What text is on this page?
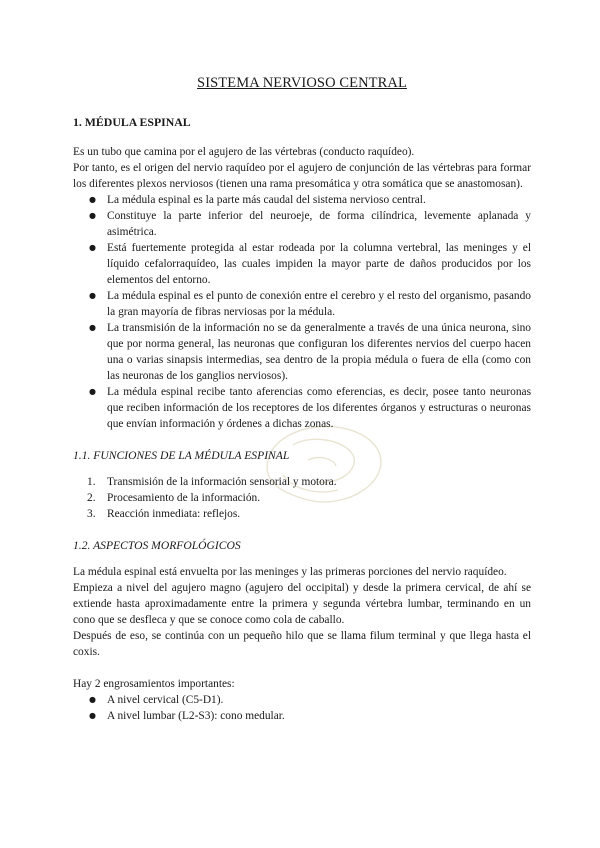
SISTEMA NERVIOSO CENTRAL
1. MÉDULA ESPINAL

Es un tubo que camina por el agujero de las vértebras (conducto raquídeo).

Por tanto, es el origen del nervio raquídeo por el agujero de conjunción de las vértebras para formar los diferentes plexos nerviosos (tienen una rama presomática y otra somática que se anastomosan).

● La médula espinal es la parte más caudal del sistema nervioso central.
● Constituye la parte inferior del neuroeje, de forma cilíndrica, levemente aplanada y asimétrica.
● Está fuertemente protegida al estar rodeada por la columna vertebral, las meninges y el líquido cefalorraquídeo, las cuales impiden la mayor parte de daños producidos por los elementos del entorno.
● La médula espinal es el punto de conexión entre el cerebro y el resto del organismo, pasando la gran mayoría de fibras nerviosas por la médula.
● La transmisión de la información no se da generalmente a través de una única neurona, sino que por norma general, las neuronas que configuran los diferentes nervios del cuerpo hacen una o varias sinapsis intermedias, sea dentro de la propia médula o fuera de ella (como con las neuronas de los ganglios nerviosos).
● La médula espinal recibe tanto aferencias como eferencias, es decir, posee tanto neuronas que reciben información de los receptores de los diferentes órganos y estructuras o neuronas que envían información y órdenes a dichas zonas.
1.1. FUNCIONES DE LA MÉDULA ESPINAL
1. Transmisión de la información sensorial y motora.
2. Procesamiento de la información.
3. Reacción inmediata: reflejos.
1.2. ASPECTOS MORFOLÓGICOS

La médula espinal está envuelta por las meninges y las primeras porciones del nervio raquídeo.

Empieza a nivel del agujero magno (agujero del occipital) y desde la primera cervical, de ahí se extiende hasta aproximadamente entre la primera y segunda vértebra lumbar, terminando en un cono que se desfleca y que se conoce como cola de caballo.

Después de eso, se continúa con un pequeño hilo que se llama filum terminal y que llega hasta el coxis.

Hay 2 engrosamientos importantes:

● A nivel cervical (C5-D1).
● A nivel lumbar (L2-S3): cono medular.
